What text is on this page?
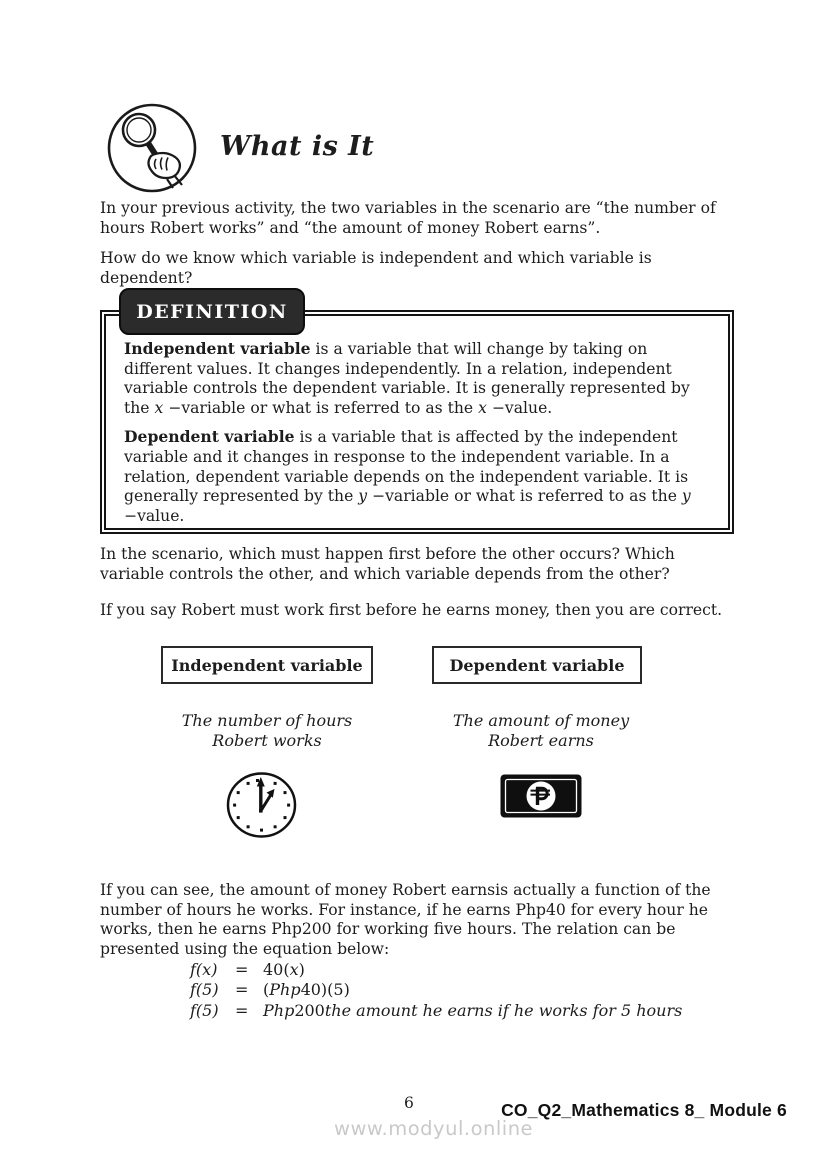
What is It

In your previous activity, the two variables in the scenario are “the number of hours Robert works” and “the amount of money Robert earns”.

How do we know which variable is independent and which variable is dependent?

DEFINITION

Independent variable is a variable that will change by taking on different values. It changes independently. In a relation, independent variable controls the dependent variable. It is generally represented by the x −variable or what is referred to as the x −value.

Dependent variable is a variable that is affected by the independent variable and it changes in response to the independent variable. In a relation, dependent variable depends on the independent variable. It is generally represented by the y −variable or what is referred to as the y −value.

In the scenario, which must happen first before the other occurs? Which variable controls the other, and which variable depends from the other?

If you say Robert must work first before he earns money, then you are correct.

Independent variable	Dependent variable
The number of hours
Robert works
The amount of money
Robert earns

If you can see, the amount of money Robert earnsis actually a function of the number of hours he works. For instance, if he earns Php40 for every hour he works, then he earns Php200 for working five hours. The relation can be presented using the equation below:

f(x)	= 40(x)
f(5)	= (Php40)(5)
f(5)	= Php200the amount he earns if he works for 5 hours
6	CO_Q2_Mathematics 8_ Module 6
www.modyul.online
